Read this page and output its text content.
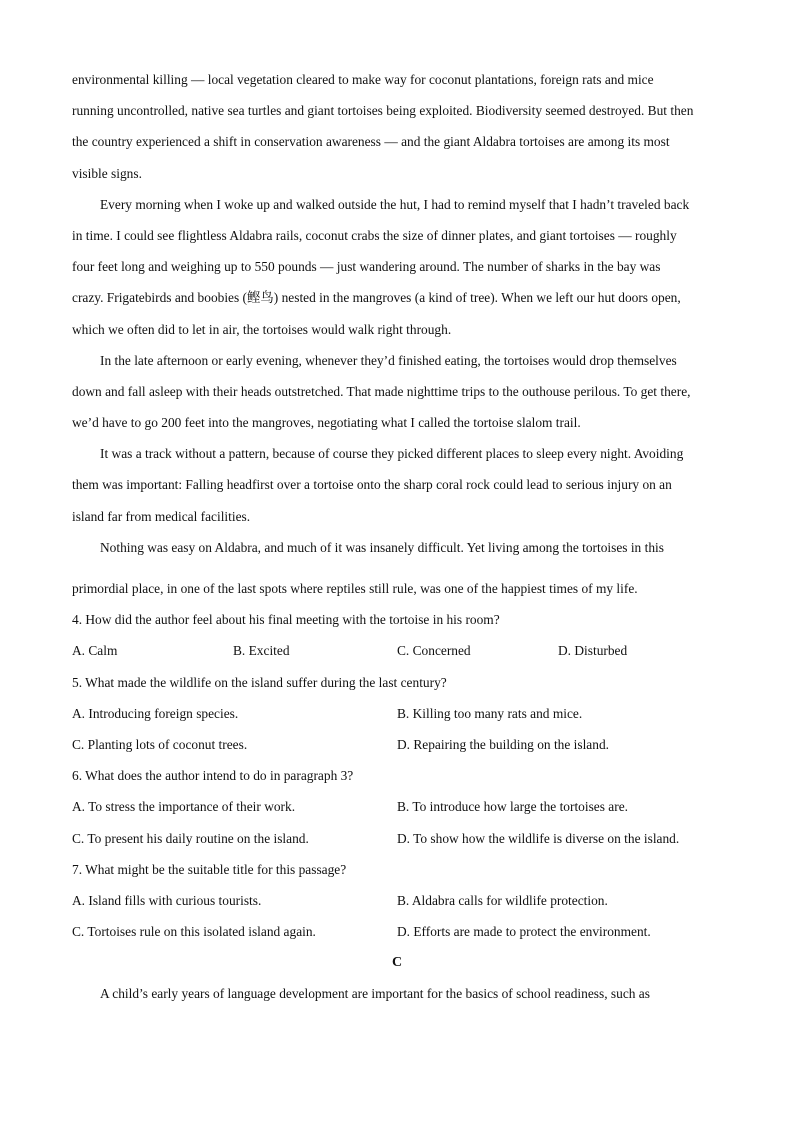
environmental killing — local vegetation cleared to make way for coconut plantations, foreign rats and mice
running uncontrolled, native sea turtles and giant tortoises being exploited. Biodiversity seemed destroyed. But then
the country experienced a shift in conservation awareness — and the giant Aldabra tortoises are among its most
visible signs.
Every morning when I woke up and walked outside the hut, I had to remind myself that I hadn’t traveled back
in time. I could see flightless Aldabra rails, coconut crabs the size of dinner plates, and giant tortoises — roughly
four feet long and weighing up to 550 pounds — just wandering around. The number of sharks in the bay was
crazy. Frigatebirds and boobies (鲣鸟) nested in the mangroves (a kind of tree). When we left our hut doors open,
which we often did to let in air, the tortoises would walk right through.
In the late afternoon or early evening, whenever they’d finished eating, the tortoises would drop themselves
down and fall asleep with their heads outstretched. That made nighttime trips to the outhouse perilous. To get there,
we’d have to go 200 feet into the mangroves, negotiating what I called the tortoise slalom trail.
It was a track without a pattern, because of course they picked different places to sleep every night. Avoiding
them was important: Falling headfirst over a tortoise onto the sharp coral rock could lead to serious injury on an
island far from medical facilities.
Nothing was easy on Aldabra, and much of it was insanely difficult. Yet living among the tortoises in this
primordial place, in one of the last spots where reptiles still rule, was one of the happiest times of my life.
4. How did the author feel about his final meeting with the tortoise in his room?
A. Calm	B. Excited	C. Concerned	D. Disturbed
5. What made the wildlife on the island suffer during the last century?
A. Introducing foreign species.	B. Killing too many rats and mice.
C. Planting lots of coconut trees.	D. Repairing the building on the island.
6. What does the author intend to do in paragraph 3?
A. To stress the importance of their work.	B. To introduce how large the tortoises are.
C. To present his daily routine on the island.	D. To show how the wildlife is diverse on the island.
7. What might be the suitable title for this passage?
A. Island fills with curious tourists.	B. Aldabra calls for wildlife protection.
C. Tortoises rule on this isolated island again.	D. Efforts are made to protect the environment.
C
A child’s early years of language development are important for the basics of school readiness, such as
